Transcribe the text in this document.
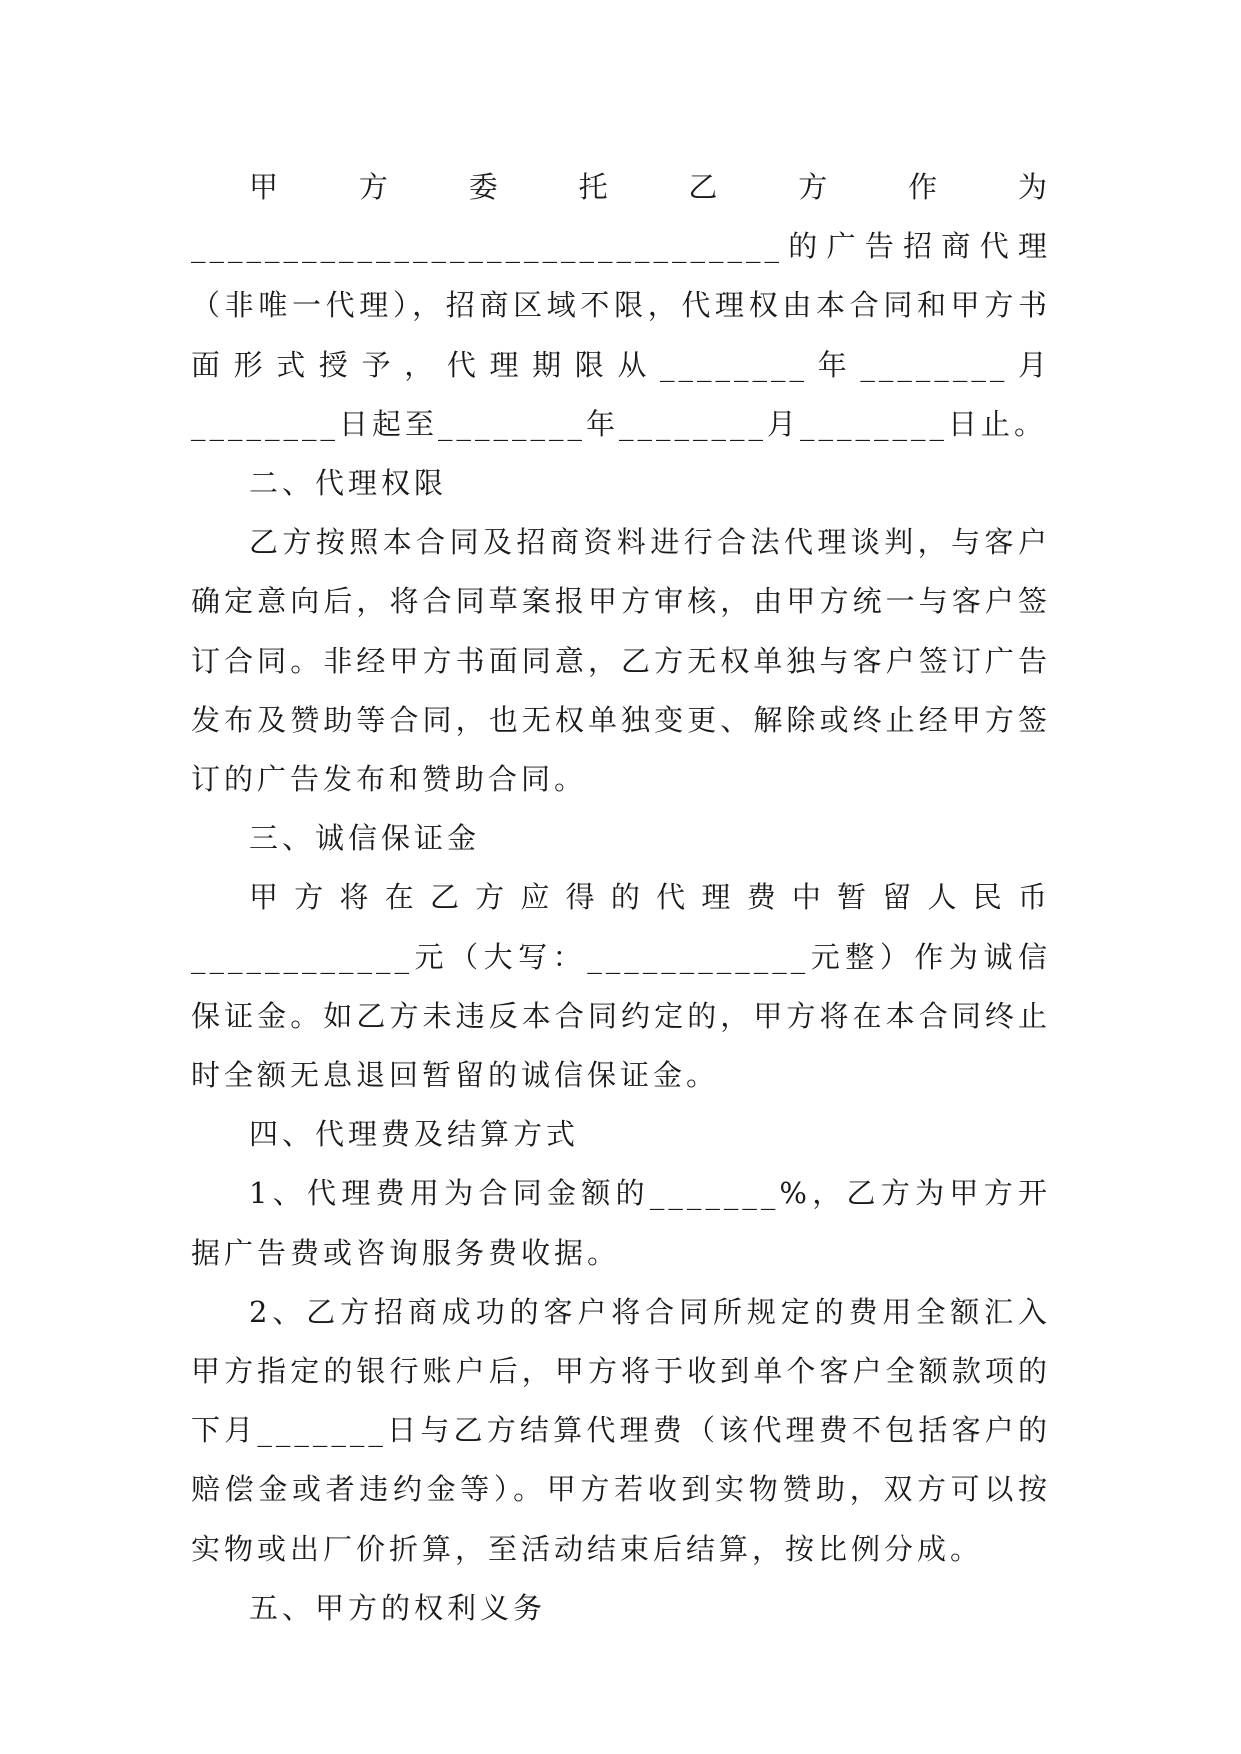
甲方委托乙方作为________________________________的广告招商代理（非唯一代理），招商区域不限，代理权由本合同和甲方书面形式授予，代理期限从________年________月________日起至________年________月________日止。

二、代理权限

乙方按照本合同及招商资料进行合法代理谈判，与客户确定意向后，将合同草案报甲方审核，由甲方统一与客户签订合同。非经甲方书面同意，乙方无权单独与客户签订广告发布及赞助等合同，也无权单独变更、解除或终止经甲方签订的广告发布和赞助合同。

三、诚信保证金

甲方将在乙方应得的代理费中暂留人民币____________元（大写：____________元整）作为诚信保证金。如乙方未违反本合同约定的，甲方将在本合同终止时全额无息退回暂留的诚信保证金。

四、代理费及结算方式

1、代理费用为合同金额的_______%，乙方为甲方开据广告费或咨询服务费收据。

2、乙方招商成功的客户将合同所规定的费用全额汇入甲方指定的银行账户后，甲方将于收到单个客户全额款项的下月_______日与乙方结算代理费（该代理费不包括客户的赔偿金或者违约金等）。甲方若收到实物赞助，双方可以按实物或出厂价折算，至活动结束后结算，按比例分成。

五、甲方的权利义务
